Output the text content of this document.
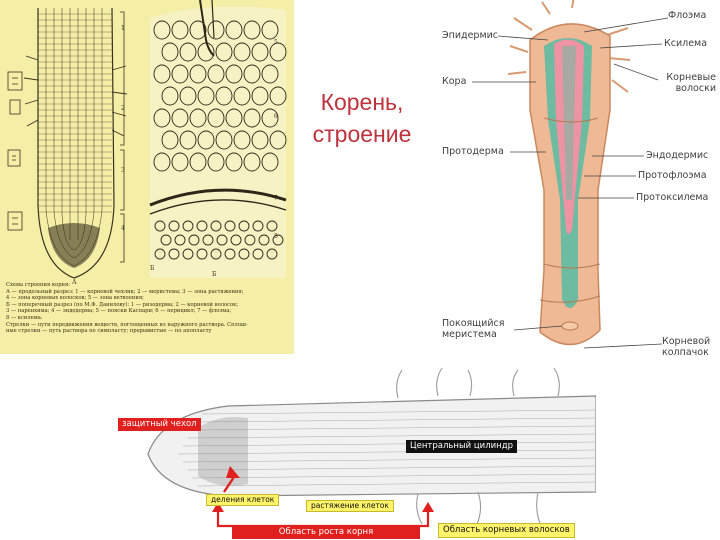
А
Б
1
2
3
4
5
6
7
8
Б
Схема строения корня:
А — продольный разрез: 1 — корневой чехлик; 2 — меристема; 3 — зона растяжения;
4 — зона корневых волосков; 5 — зона ветвления;
Б — поперечный разрез (по М.Ф. Данилову): 1 — ризодерма; 2 — корневой волосок;
3 — паренхима; 4 — эндодерма; 5 — пояски Каспари; 6 — перицикл; 7 — флоэма;
8 — ксилема.
Стрелки — пути передвижения веществ, поглощенных из наружного раствора. Сплош-
ные стрелки — путь раствора по симпласту; прерывистые — по апопласту
Корень,
строение
Флоэма
Эпидермис
Ксилема
Кора	Корневые
волоски
Протодерма	Эндодермис
Протофлоэма
Протоксилема
Покоящийся
меристема
Корневой
колпачок
защитный чехол
Центральный цилиндр
деления клеток
растяжение клеток
Область роста корня	Область корневых волосков
